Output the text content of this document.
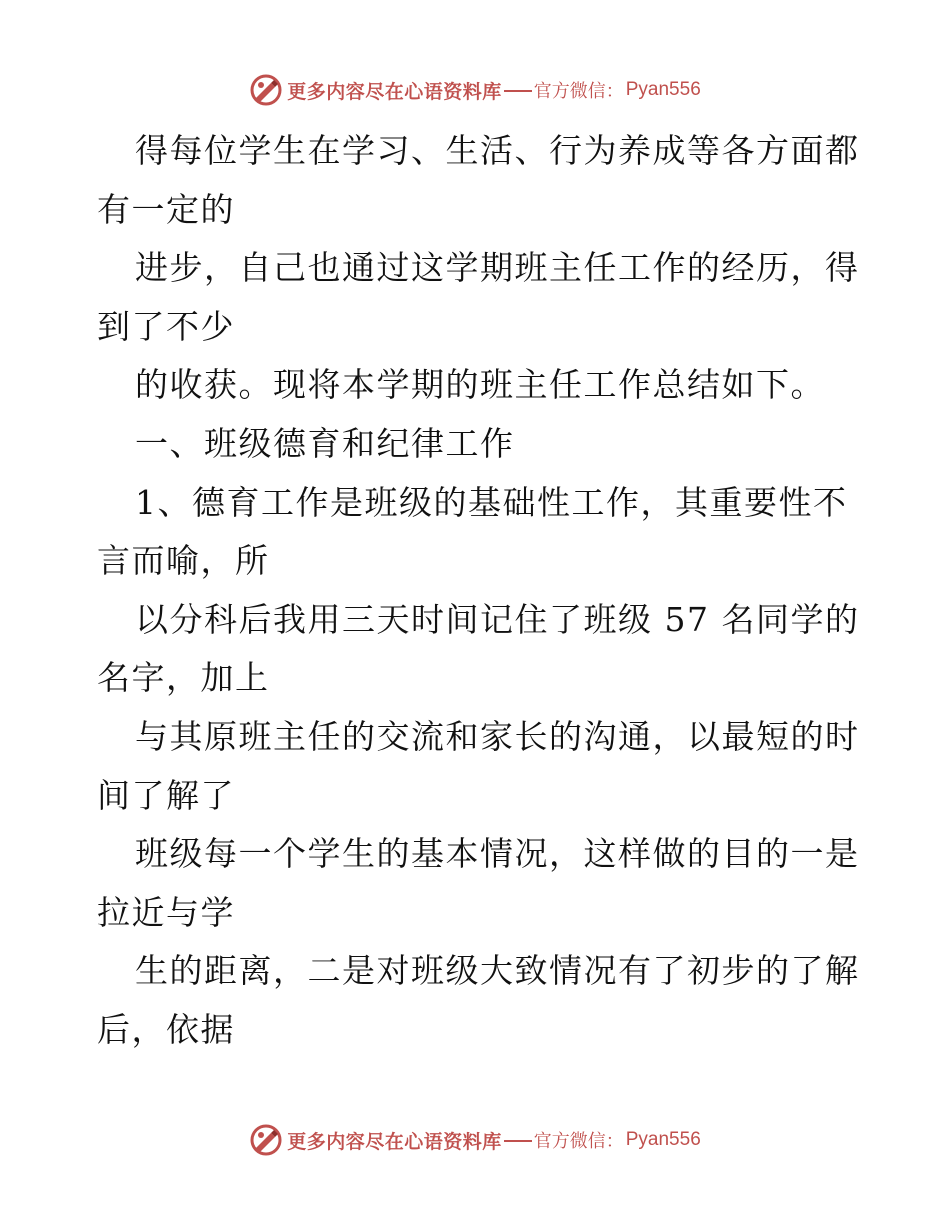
更多内容尽在心语资料库 官方微信： Pyan556
得每位学生在学习、生活、行为养成等各方面都
有一定的
进步，自己也通过这学期班主任工作的经历，得
到了不少
的收获。现将本学期的班主任工作总结如下。
一、班级德育和纪律工作
1、德育工作是班级的基础性工作，其重要性不
言而喻，所
以分科后我用三天时间记住了班级 57 名同学的
名字，加上
与其原班主任的交流和家长的沟通，以最短的时
间了解了
班级每一个学生的基本情况，这样做的目的一是
拉近与学
生的距离，二是对班级大致情况有了初步的了解
后，依据
更多内容尽在心语资料库 官方微信： Pyan556
